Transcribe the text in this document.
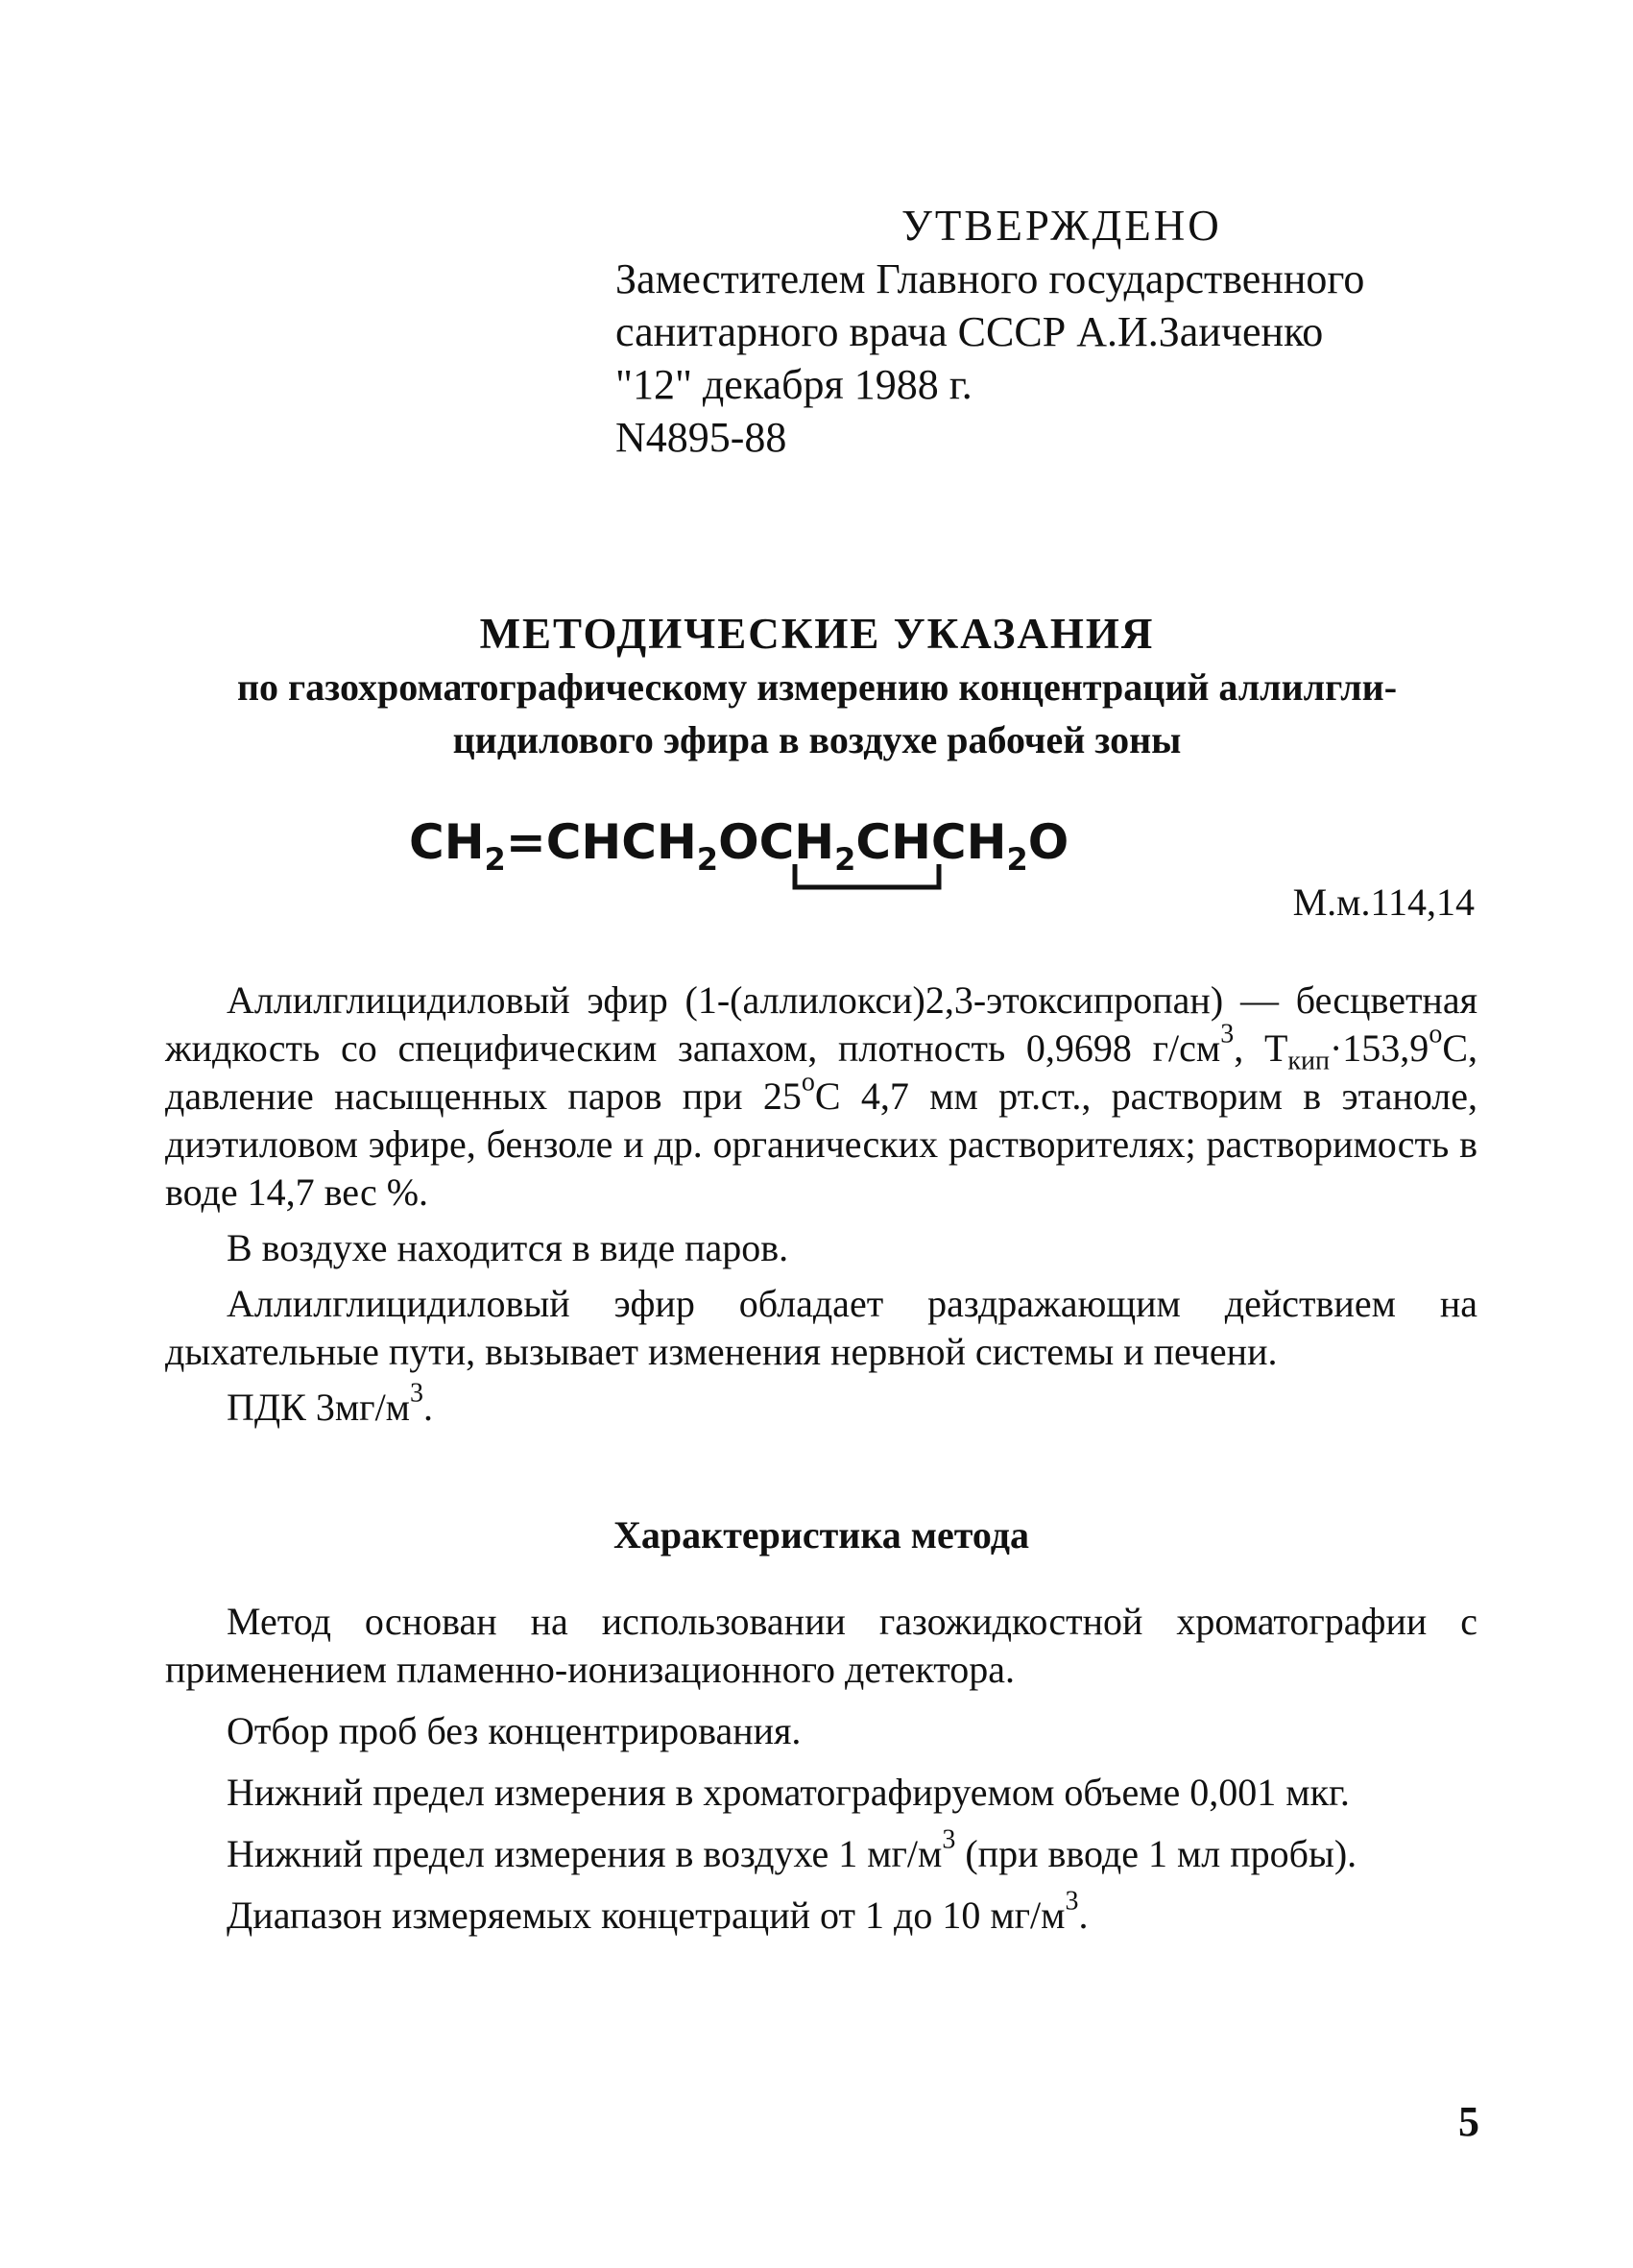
УТВЕРЖДЕНО
Заместителем Главного государственного
санитарного врача СССР А.И.Заиченко
"12" декабря 1988 г.
N4895-88
МЕТОДИЧЕСКИЕ УКАЗАНИЯ
по газохроматографическому измерению концентраций аллилгли-
цидилового эфира в воздухе рабочей зоны
$CH_2=CHCH_2OCH_2CHCH_2O$
М.м.114,14

Аллилглицидиловый эфир (1-(аллилокси)2,3-этоксипропан) — бесцветная жидкость со специфическим запахом, плотность 0,9698 $г/см^3$, $Т_{кип}\cdot 153,9^оС$, давление насыщенных паров при $25^оС$ 4,7 мм рт.ст., растворим в этаноле, диэтиловом эфире, бензоле и др. органических растворителях; растворимость в воде 14,7 вес %.

В воздухе находится в виде паров.

Аллилглицидиловый эфир обладает раздражающим действием на дыхательные пути, вызывает изменения нервной системы и печени.

ПДК $3мг/м^3$.

Характеристика метода

Метод основан на использовании газожидкостной хроматографии с применением пламенно-ионизационного детектора.

Отбор проб без концентрирования.

Нижний предел измерения в хроматографируемом объеме 0,001 мкг.

Нижний предел измерения в воздухе 1 $мг/м^3$ (при вводе 1 мл пробы).

Диапазон измеряемых концетраций от 1 до 10 $мг/м^3$.

5
